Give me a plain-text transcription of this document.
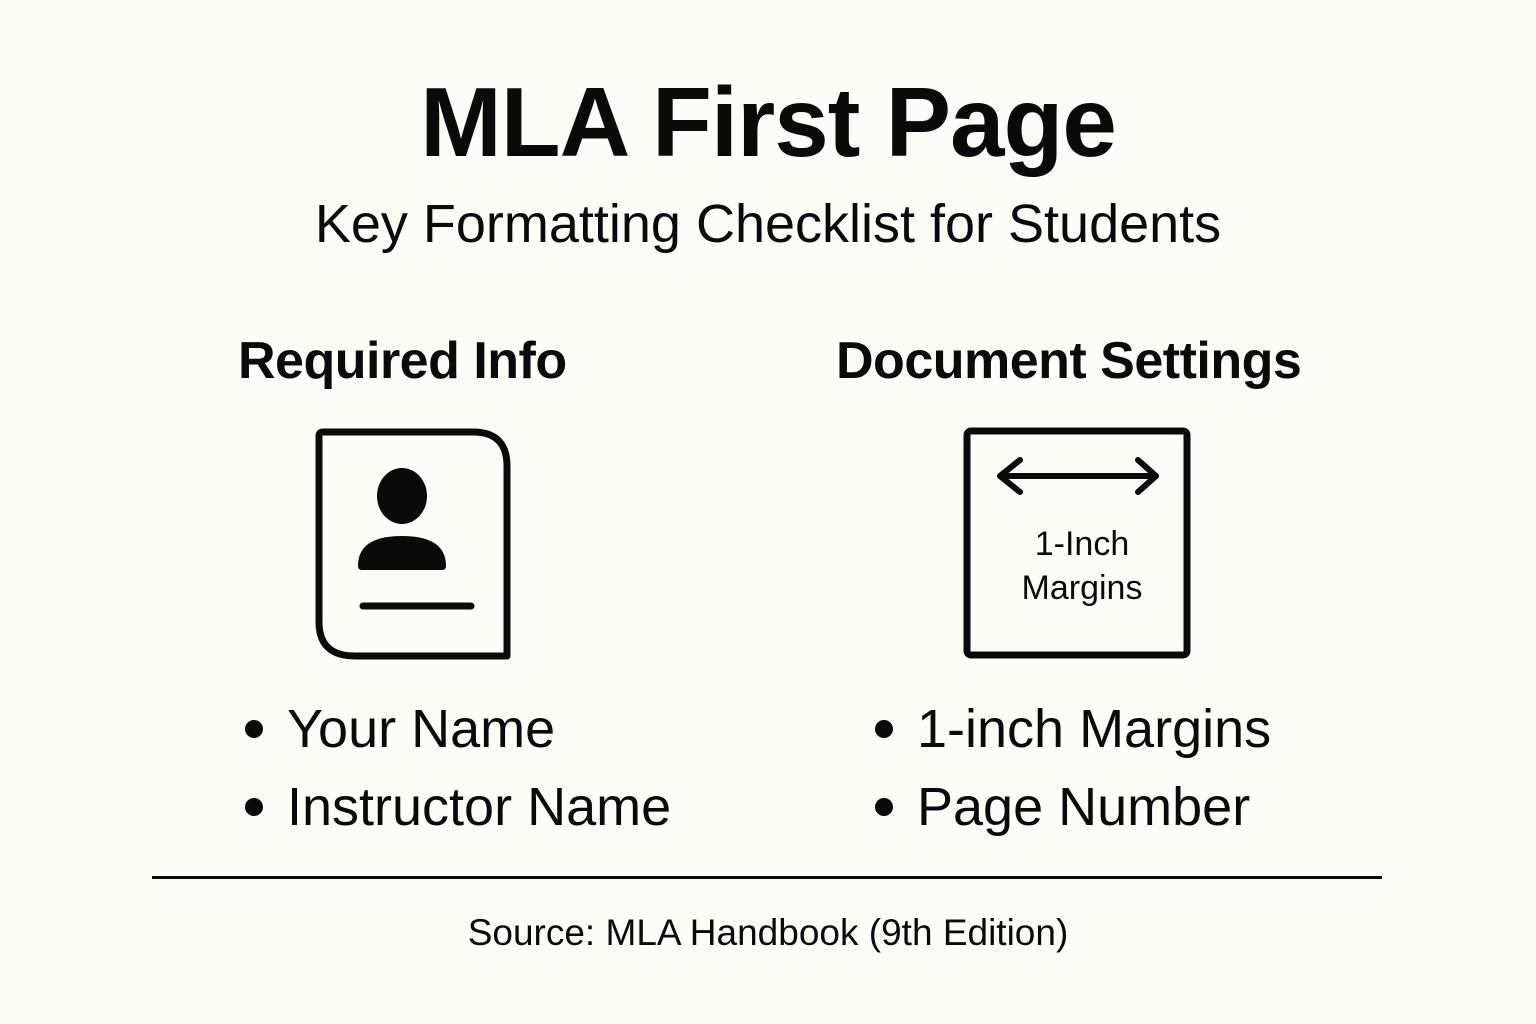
MLA First Page
Key Formatting Checklist for Students
Required Info
Your Name
Instructor Name
Document Settings
1-Inch
Margins
1-inch Margins
Page Number
Source: MLA Handbook (9th Edition)
